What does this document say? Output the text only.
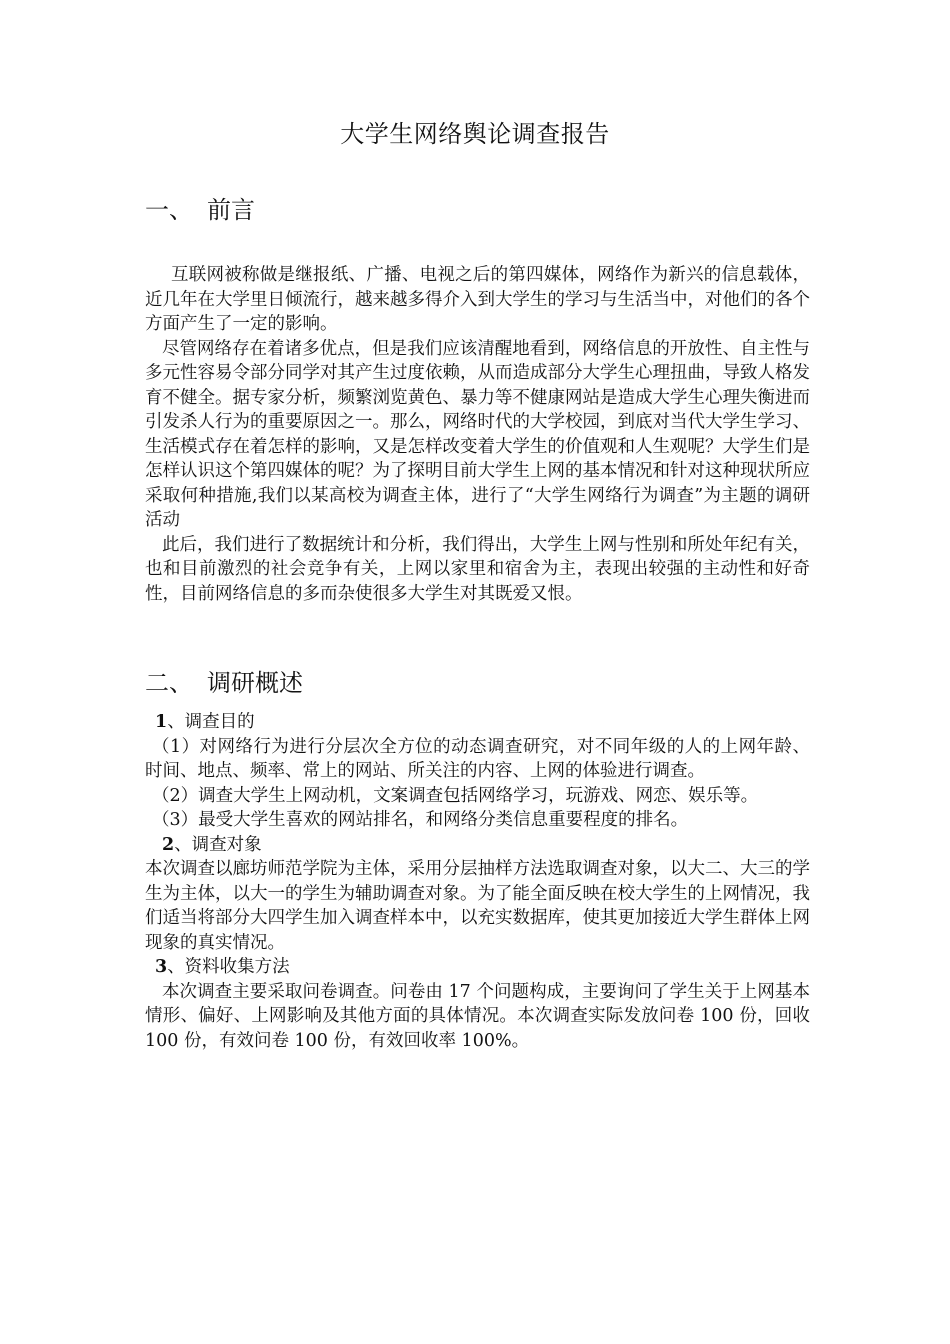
大学生网络舆论调查报告
一、 前言

互联网被称做是继报纸、广播、电视之后的第四媒体，网络作为新兴的信息载体，近几年在大学里日倾流行，越来越多得介入到大学生的学习与生活当中，对他们的各个方面产生了一定的影响。

尽管网络存在着诸多优点，但是我们应该清醒地看到，网络信息的开放性、自主性与多元性容易令部分同学对其产生过度依赖，从而造成部分大学生心理扭曲，导致人格发育不健全。据专家分析，频繁浏览黄色、暴力等不健康网站是造成大学生心理失衡进而引发杀人行为的重要原因之一。那么，网络时代的大学校园，到底对当代大学生学习、生活模式存在着怎样的影响，又是怎样改变着大学生的价值观和人生观呢？大学生们是怎样认识这个第四媒体的呢？为了探明目前大学生上网的基本情况和针对这种现状所应采取何种措施,我们以某高校为调查主体，进行了“大学生网络行为调查”为主题的调研活动

此后，我们进行了数据统计和分析，我们得出，大学生上网与性别和所处年纪有关，也和目前激烈的社会竞争有关，上网以家里和宿舍为主，表现出较强的主动性和好奇性，目前网络信息的多而杂使很多大学生对其既爱又恨。

二、 调研概述

1、调查目的

（1）对网络行为进行分层次全方位的动态调查研究，对不同年级的人的上网年龄、时间、地点、频率、常上的网站、所关注的内容、上网的体验进行调查。

（2）调查大学生上网动机，文案调查包括网络学习，玩游戏、网恋、娱乐等。

（3）最受大学生喜欢的网站排名，和网络分类信息重要程度的排名。

2、调查对象

本次调查以廊坊师范学院为主体，采用分层抽样方法选取调查对象，以大二、大三的学生为主体，以大一的学生为辅助调查对象。为了能全面反映在校大学生的上网情况，我们适当将部分大四学生加入调查样本中，以充实数据库，使其更加接近大学生群体上网现象的真实情况。

3、资料收集方法

本次调查主要采取问卷调查。问卷由 17 个问题构成，主要询问了学生关于上网基本情形、偏好、上网影响及其他方面的具体情况。本次调查实际发放问卷 100 份，回收 100 份，有效问卷 100 份，有效回收率 100%。
